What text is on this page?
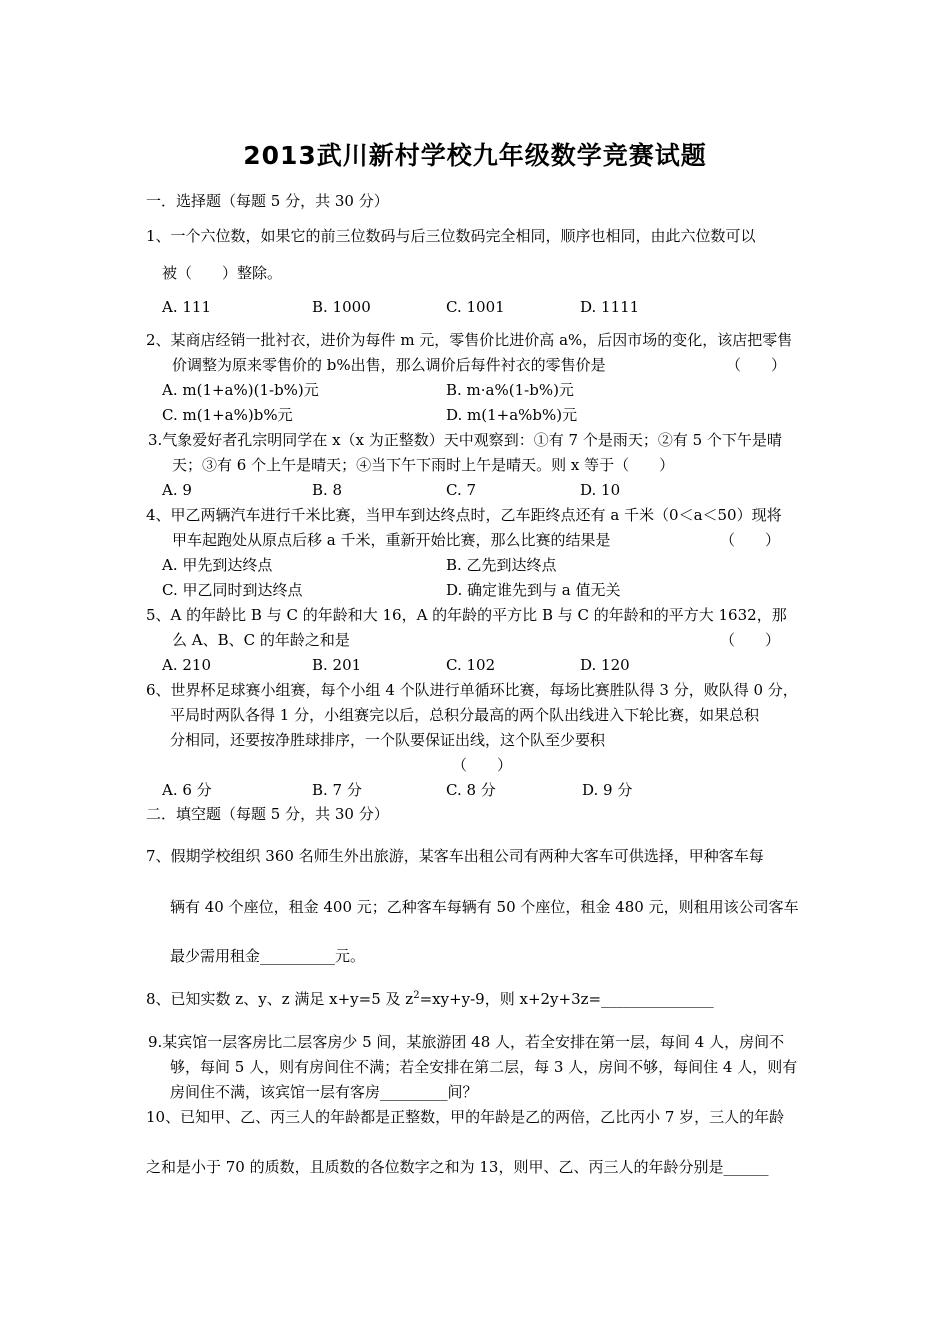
2013武川新村学校九年级数学竞赛试题
一．选择题（每题 5 分，共 30 分）
1、一个六位数，如果它的前三位数码与后三位数码完全相同，顺序也相同，由此六位数可以
被（　　）整除。
A. 111	B. 1000	C. 1001	D. 1111
2、某商店经销一批衬衣，进价为每件 m 元，零售价比进价高 a%，后因市场的变化，该店把零售
价调整为原来零售价的 b%出售，那么调价后每件衬衣的零售价是	（　　）
A. m(1+a%)(1-b%)元	B. m·a%(1-b%)元
C. m(1+a%)b%元	D. m(1+a%b%)元
3.气象爱好者孔宗明同学在 x（x 为正整数）天中观察到：①有 7 个是雨天；②有 5 个下午是晴
天；③有 6 个上午是晴天；④当下午下雨时上午是晴天。则 x 等于（　　）
A. 9	B. 8	C. 7	D. 10
4、甲乙两辆汽车进行千米比赛，当甲车到达终点时，乙车距终点还有 a 千米（0＜a＜50）现将
甲车起跑处从原点后移 a 千米，重新开始比赛，那么比赛的结果是	（　　）
A. 甲先到达终点	B. 乙先到达终点
C. 甲乙同时到达终点	D. 确定谁先到与 a 值无关
5、A 的年龄比 B 与 C 的年龄和大 16，A 的年龄的平方比 B 与 C 的年龄和的平方大 1632，那
么 A、B、C 的年龄之和是	（　　）
A. 210	B. 201	C. 102	D. 120
6、世界杯足球赛小组赛，每个小组 4 个队进行单循环比赛，每场比赛胜队得 3 分，败队得 0 分，
平局时两队各得 1 分，小组赛完以后，总积分最高的两个队出线进入下轮比赛，如果总积
分相同，还要按净胜球排序，一个队要保证出线，这个队至少要积
（　　）
A. 6 分	B. 7 分	C. 8 分	D. 9 分
二．填空题（每题 5 分，共 30 分）
7、假期学校组织 360 名师生外出旅游，某客车出租公司有两种大客车可供选择，甲种客车每
辆有 40 个座位，租金 400 元；乙种客车每辆有 50 个座位，租金 480 元，则租用该公司客车
最少需用租金__________元。
8、已知实数 z、y、z 满足 x+y=5 及 $z^2=xy+y-9$，则 x+2y+3z=_______________
9.某宾馆一层客房比二层客房少 5 间，某旅游团 48 人，若全安排在第一层，每间 4 人，房间不
够，每间 5 人，则有房间住不满；若全安排在第二层，每 3 人，房间不够，每间住 4 人，则有
房间住不满，该宾馆一层有客房_________间？
10、已知甲、乙、丙三人的年龄都是正整数，甲的年龄是乙的两倍，乙比丙小 7 岁，三人的年龄
之和是小于 70 的质数，且质数的各位数字之和为 13，则甲、乙、丙三人的年龄分别是______
